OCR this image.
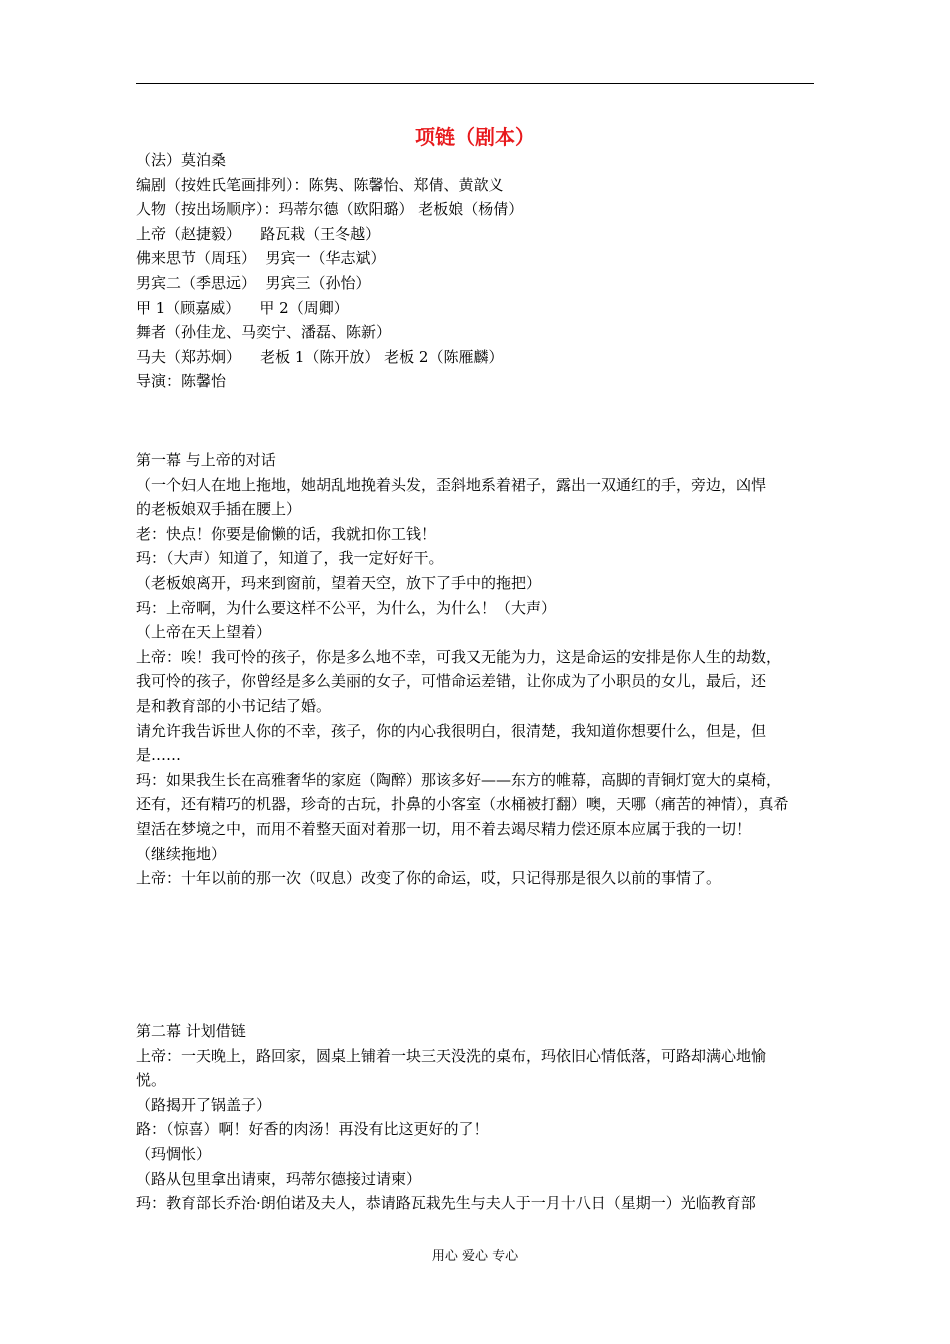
项链（剧本）

（法）莫泊桑

编剧（按姓氏笔画排列）：陈隽、陈馨怡、郑倩、黄歆义

人物（按出场顺序）：玛蒂尔德（欧阳璐） 老板娘（杨倩）

上帝（赵捷毅）    路瓦栽（王冬越）

佛来思节（周珏）  男宾一（华志斌）

男宾二（季思远）  男宾三（孙怡）

甲 1（顾嘉威）    甲 2（周卿）

舞者（孙佳龙、马奕宁、潘磊、陈新）

马夫（郑苏炯）    老板 1（陈开放） 老板 2（陈雁麟）

导演：陈馨怡

第一幕 与上帝的对话

（一个妇人在地上拖地，她胡乱地挽着头发，歪斜地系着裙子，露出一双通红的手，旁边，凶悍

的老板娘双手插在腰上）

老：快点！你要是偷懒的话，我就扣你工钱！

玛：（大声）知道了，知道了，我一定好好干。

（老板娘离开，玛来到窗前，望着天空，放下了手中的拖把）

玛：上帝啊，为什么要这样不公平，为什么，为什么！（大声）

（上帝在天上望着）

上帝：唉！我可怜的孩子，你是多么地不幸，可我又无能为力，这是命运的安排是你人生的劫数，

我可怜的孩子，你曾经是多么美丽的女子，可惜命运差错，让你成为了小职员的女儿，最后，还

是和教育部的小书记结了婚。

请允许我告诉世人你的不幸，孩子，你的内心我很明白，很清楚，我知道你想要什么，但是，但

是……

玛：如果我生长在高雅奢华的家庭（陶醉）那该多好——东方的帷幕，高脚的青铜灯宽大的桌椅，

还有，还有精巧的机器，珍奇的古玩，扑鼻的小客室（水桶被打翻）噢，天哪（痛苦的神情），真希

望活在梦境之中，而用不着整天面对着那一切，用不着去竭尽精力偿还原本应属于我的一切！

（继续拖地）

上帝：十年以前的那一次（叹息）改变了你的命运，哎，只记得那是很久以前的事情了。

第二幕 计划借链

上帝：一天晚上，路回家，圆桌上铺着一块三天没洗的桌布，玛依旧心情低落，可路却满心地愉

悦。

（路揭开了锅盖子）

路：（惊喜）啊！好香的肉汤！再没有比这更好的了！

（玛惆怅）

（路从包里拿出请柬，玛蒂尔德接过请柬）

玛：教育部长乔治·朗伯诺及夫人，恭请路瓦栽先生与夫人于一月十八日（星期一）光临教育部

用心 爱心 专心
